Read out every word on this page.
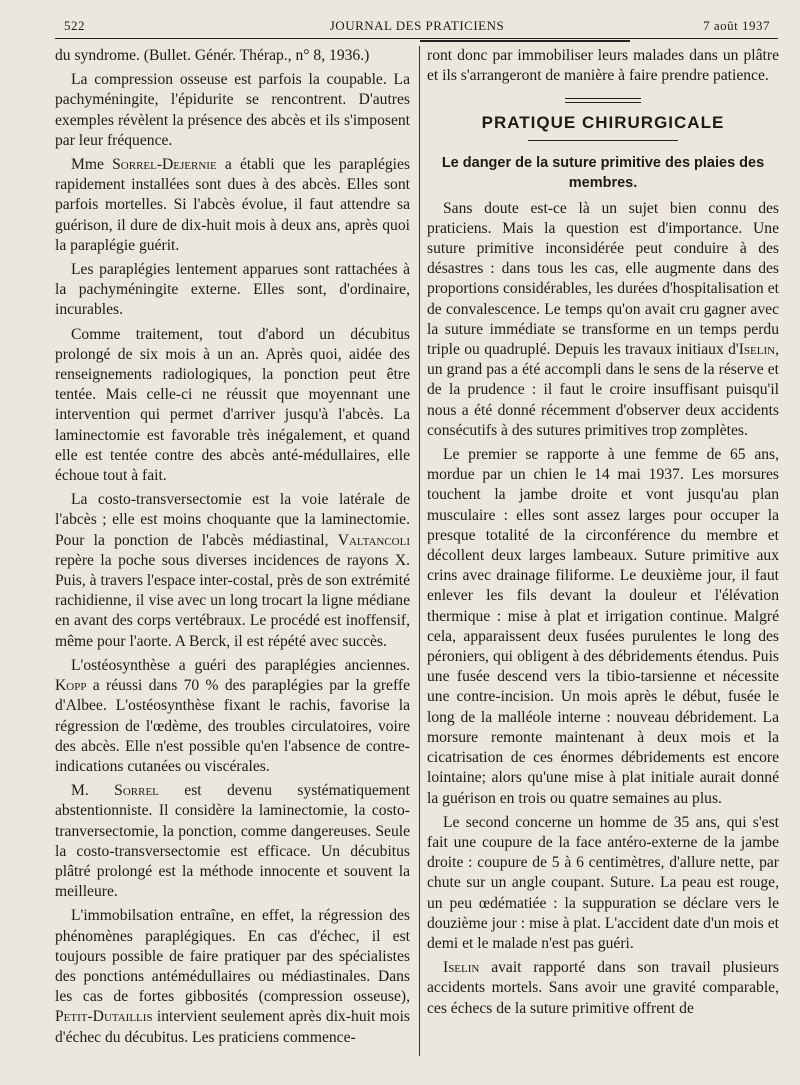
522	JOURNAL DES PRATICIENS	7 août 1937

du syndrome. (Bullet. Génér. Thérap., n° 8, 1936.)

La compression osseuse est parfois la coupable. La pachyméningite, l'épidurite se rencontrent. D'autres exemples révèlent la présence des abcès et ils s'imposent par leur fréquence.

Mme Sorrel-Dejernie a établi que les paraplégies rapidement installées sont dues à des abcès. Elles sont parfois mortelles. Si l'abcès évolue, il faut attendre sa guérison, il dure de dix-huit mois à deux ans, après quoi la paraplégie guérit.

Les paraplégies lentement apparues sont rattachées à la pachyméningite externe. Elles sont, d'ordinaire, incurables.

Comme traitement, tout d'abord un décubitus prolongé de six mois à un an. Après quoi, aidée des renseignements radiologiques, la ponction peut être tentée. Mais celle-ci ne réussit que moyennant une intervention qui permet d'arriver jusqu'à l'abcès. La laminectomie est favorable très inégalement, et quand elle est tentée contre des abcès anté-médullaires, elle échoue tout à fait.

La costo-transversectomie est la voie latérale de l'abcès ; elle est moins choquante que la laminectomie. Pour la ponction de l'abcès médiastinal, Valtancoli repère la poche sous diverses incidences de rayons X. Puis, à travers l'espace inter-costal, près de son extrémité rachidienne, il vise avec un long trocart la ligne médiane en avant des corps vertébraux. Le procédé est inoffensif, même pour l'aorte. A Berck, il est répété avec succès.

L'ostéosynthèse a guéri des paraplégies anciennes. Kopp a réussi dans 70 % des paraplégies par la greffe d'Albee. L'ostéosynthèse fixant le rachis, favorise la régression de l'œdème, des troubles circulatoires, voire des abcès. Elle n'est possible qu'en l'absence de contre-indications cutanées ou viscérales.

M. Sorrel est devenu systématiquement abstentionniste. Il considère la laminectomie, la costo-tranversectomie, la ponction, comme dangereuses. Seule la costo-transversectomie est efficace. Un décubitus plâtré prolongé est la méthode innocente et souvent la meilleure.

L'immobilsation entraîne, en effet, la régression des phénomènes paraplégiques. En cas d'échec, il est toujours possible de faire pratiquer par des spécialistes des ponctions antémédullaires ou médiastinales. Dans les cas de fortes gibbosités (compression osseuse), Petit-Dutaillis intervient seulement après dix-huit mois d'échec du décubitus. Les praticiens commence-

ront donc par immobiliser leurs malades dans un plâtre et ils s'arrangeront de manière à faire prendre patience.

PRATIQUE CHIRURGICALE
Le danger de la suture primitive des plaies des membres.

Sans doute est-ce là un sujet bien connu des praticiens. Mais la question est d'importance. Une suture primitive inconsidérée peut conduire à des désastres : dans tous les cas, elle augmente dans des proportions considérables, les durées d'hospitalisation et de convalescence. Le temps qu'on avait cru gagner avec la suture immédiate se transforme en un temps perdu triple ou quadruplé. Depuis les travaux initiaux d'Iselin, un grand pas a été accompli dans le sens de la réserve et de la prudence : il faut le croire insuffisant puisqu'il nous a été donné récemment d'observer deux accidents consécutifs à des sutures primitives trop zomplètes.

Le premier se rapporte à une femme de 65 ans, mordue par un chien le 14 mai 1937. Les morsures touchent la jambe droite et vont jusqu'au plan musculaire : elles sont assez larges pour occuper la presque totalité de la circonférence du membre et décollent deux larges lambeaux. Suture primitive aux crins avec drainage filiforme. Le deuxième jour, il faut enlever les fils devant la douleur et l'élévation thermique : mise à plat et irrigation continue. Malgré cela, apparaissent deux fusées purulentes le long des péroniers, qui obligent à des débridements étendus. Puis une fusée descend vers la tibio-tarsienne et nécessite une contre-incision. Un mois après le début, fusée le long de la malléole interne : nouveau débridement. La morsure remonte maintenant à deux mois et la cicatrisation de ces énormes débridements est encore lointaine; alors qu'une mise à plat initiale aurait donné la guérison en trois ou quatre semaines au plus.

Le second concerne un homme de 35 ans, qui s'est fait une coupure de la face antéro-externe de la jambe droite : coupure de 5 à 6 centimètres, d'allure nette, par chute sur un angle coupant. Suture. La peau est rouge, un peu œdématiée : la suppuration se déclare vers le douzième jour : mise à plat. L'accident date d'un mois et demi et le malade n'est pas guéri.

Iselin avait rapporté dans son travail plusieurs accidents mortels. Sans avoir une gravité comparable, ces échecs de la suture primitive offrent de
